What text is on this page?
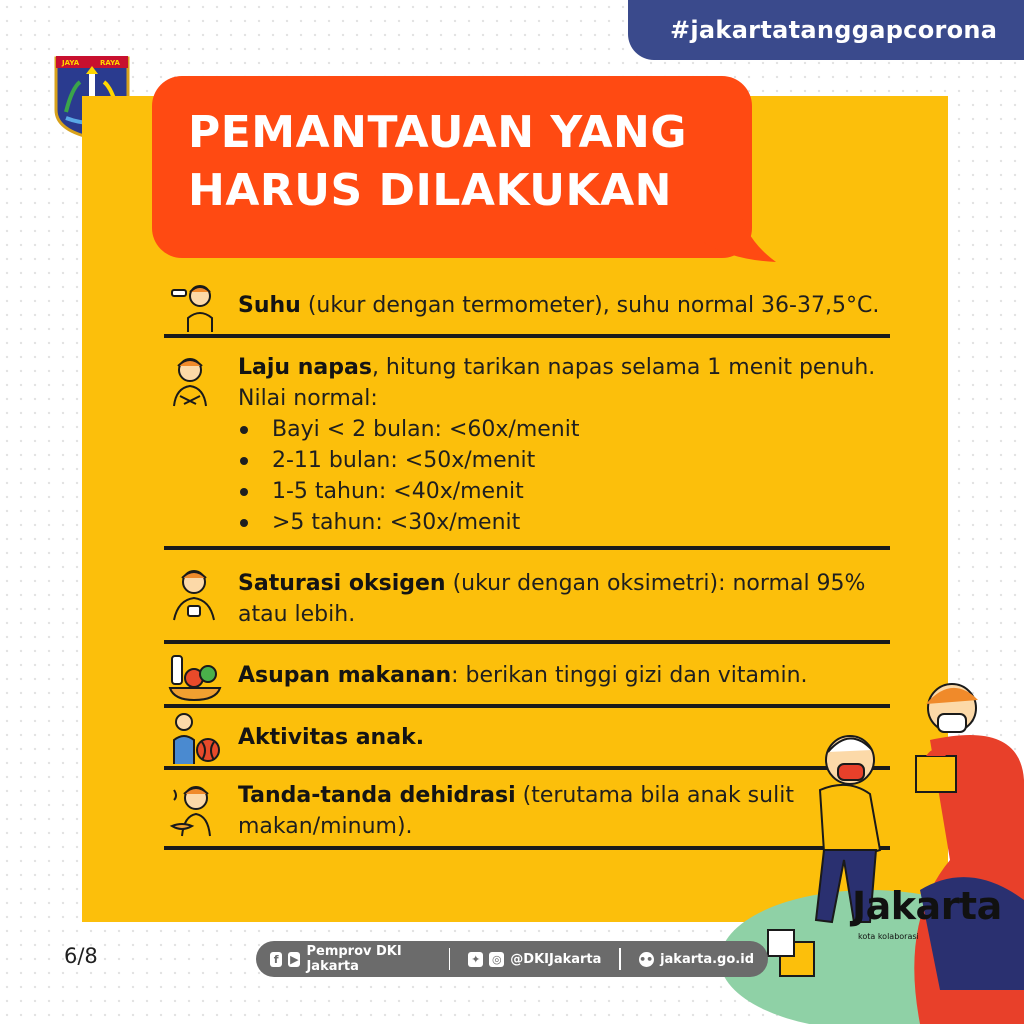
#jakartatanggapcorona
JAYA	RAYA
PEMANTAUAN YANG
HARUS DILAKUKAN
Suhu (ukur dengan termometer), suhu normal 36-37,5°C.
Laju napas, hitung tarikan napas selama 1 menit penuh. Nilai normal:
Bayi < 2 bulan: <60x/menit
2-11 bulan: <50x/menit
1-5 tahun: <40x/menit
>5 tahun: <30x/menit
Saturasi oksigen (ukur dengan oksimetri): normal 95% atau lebih.
Asupan makanan: berikan tinggi gizi dan vitamin.
Aktivitas anak.
Tanda-tanda dehidrasi (terutama bila anak sulit makan/minum).
Jakarta
kota kolaborasi
6/8	f	▶ Pemprov DKI Jakarta	✦ ◎ @DKIJakarta	••• jakarta.go.id
